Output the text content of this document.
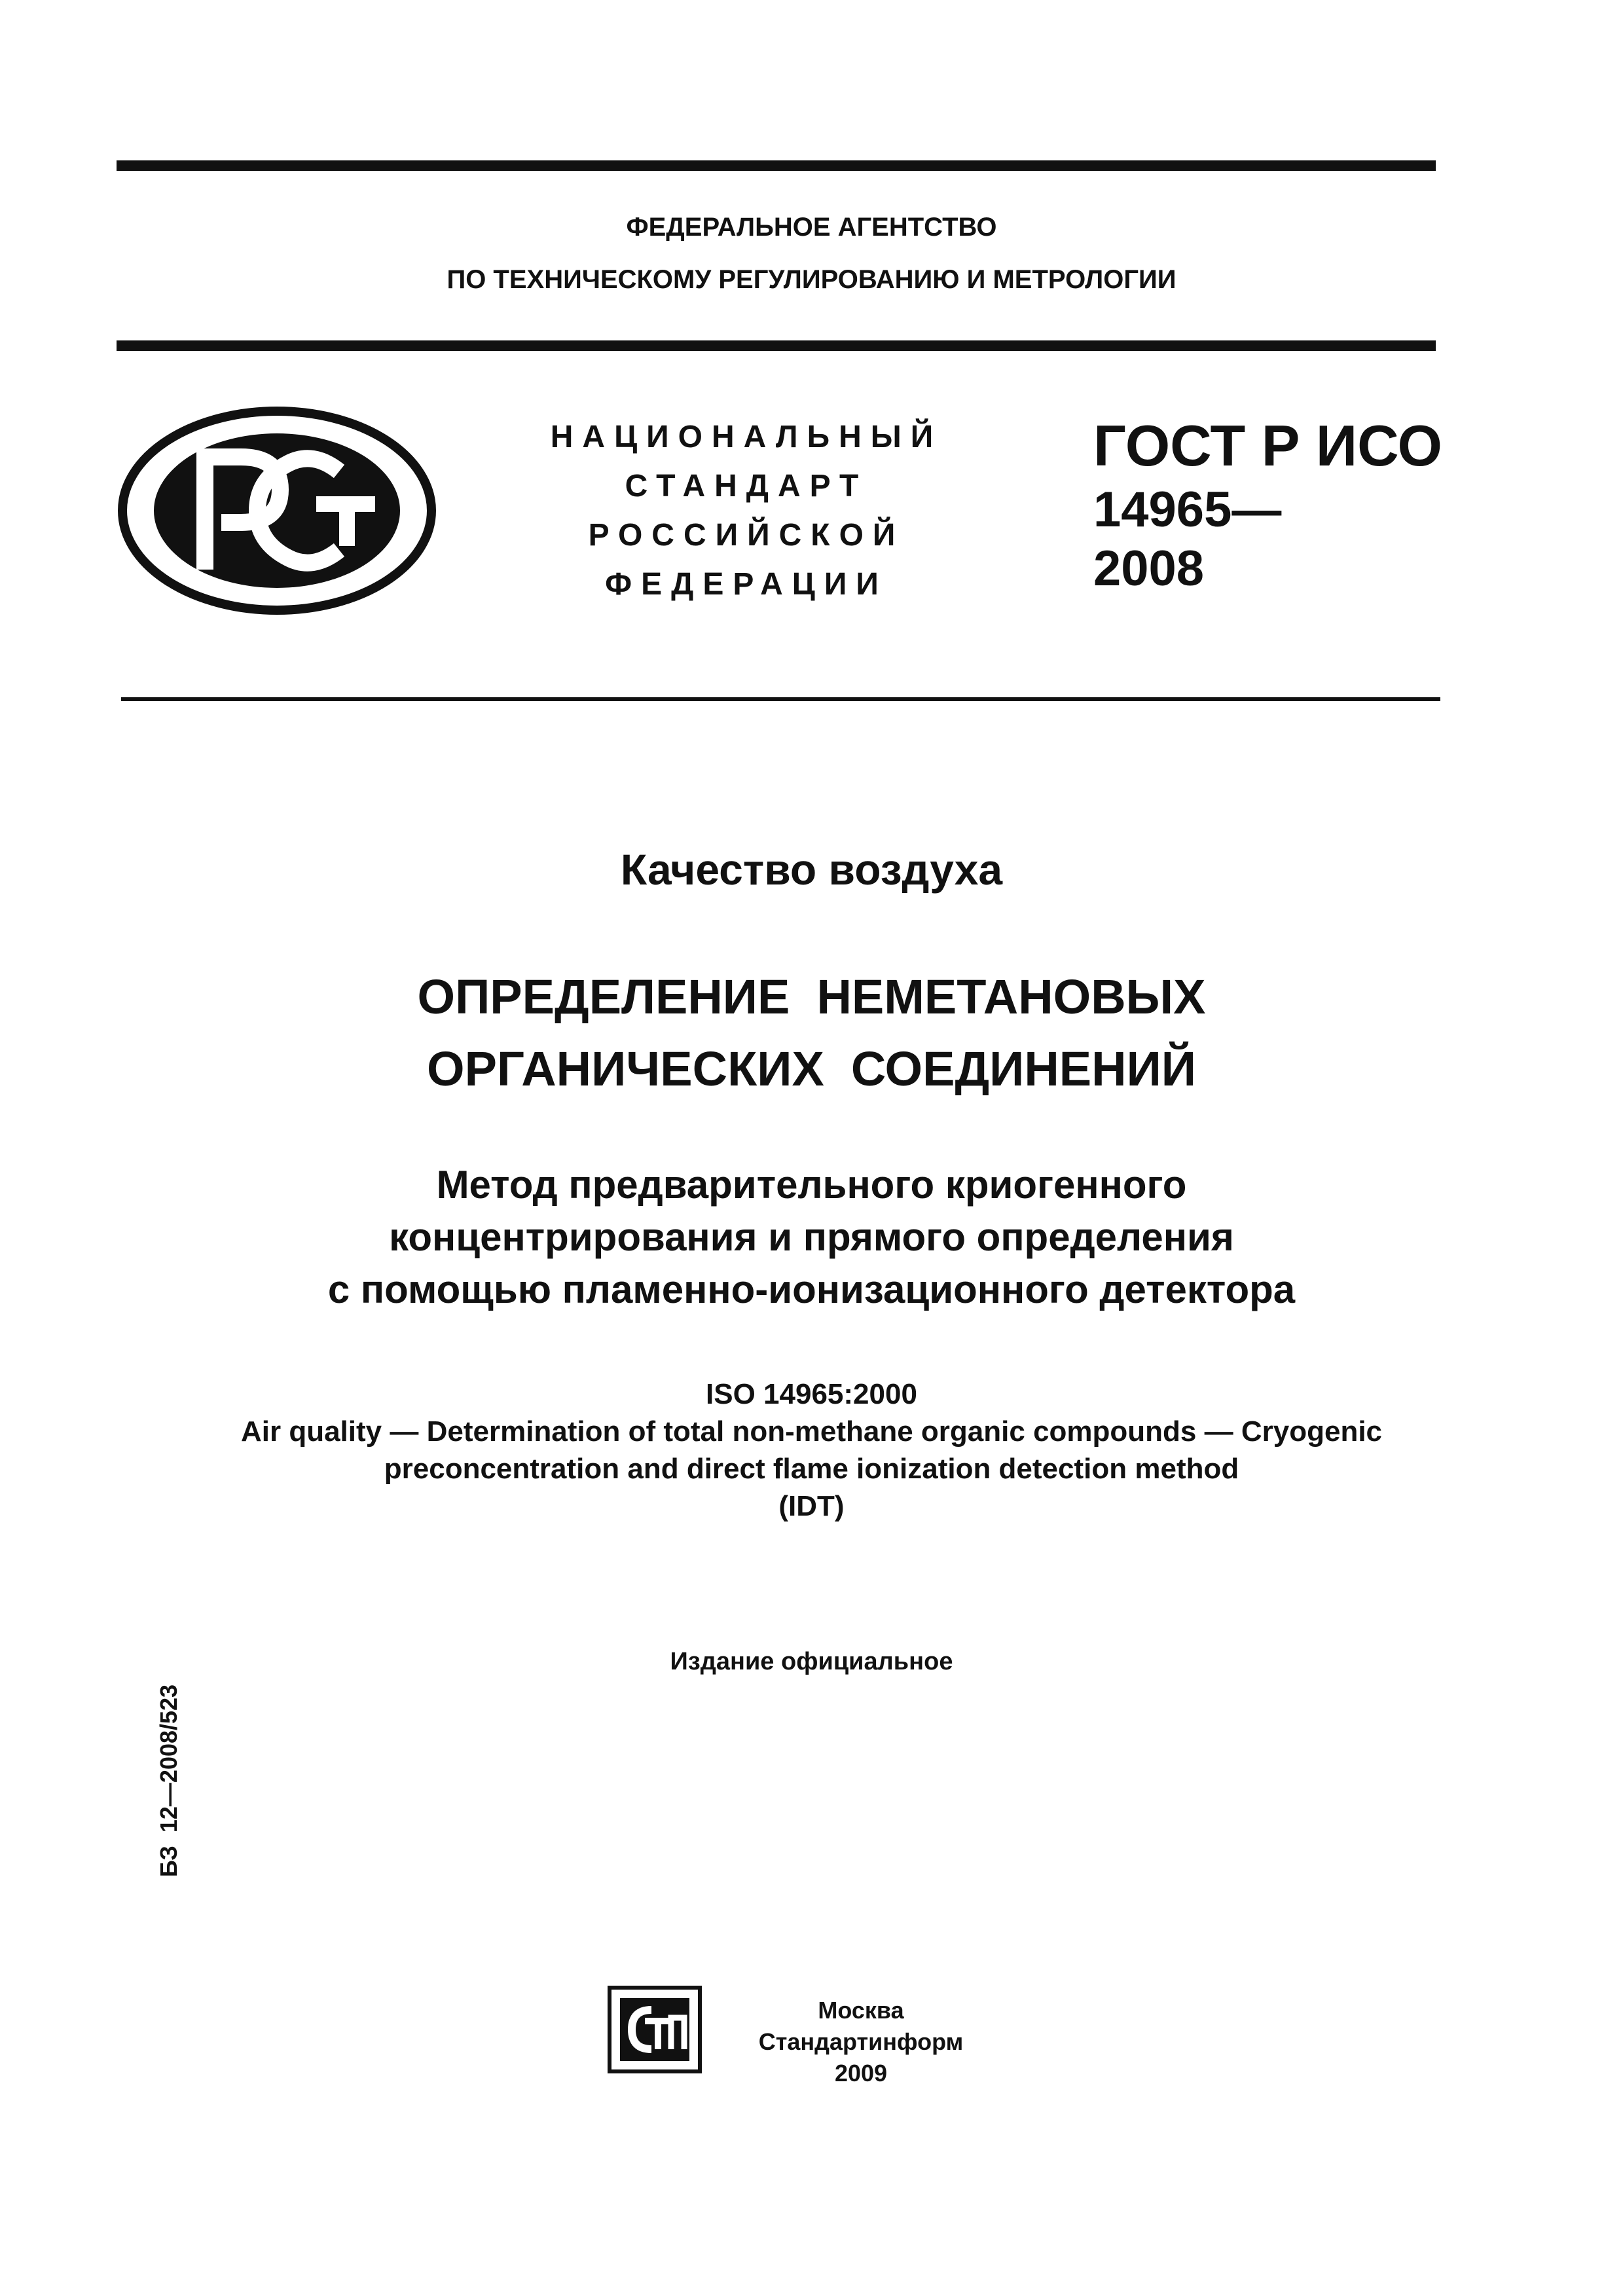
ФЕДЕРАЛЬНОЕ АГЕНТСТВО
ПО ТЕХНИЧЕСКОМУ РЕГУЛИРОВАНИЮ И МЕТРОЛОГИИ
НАЦИОНАЛЬНЫЙ
СТАНДАРТ
РОССИЙСКОЙ
ФЕДЕРАЦИИ
ГОСТ Р ИСО
14965—
2008
Качество воздуха
ОПРЕДЕЛЕНИЕ  НЕМЕТАНОВЫХ
ОРГАНИЧЕСКИХ  СОЕДИНЕНИЙ
Метод предварительного криогенного
концентрирования и прямого определения
с помощью пламенно-ионизационного детектора
ISO 14965:2000
Air quality — Determination of total non-methane organic compounds — Cryogenic
preconcentration and direct flame ionization detection method
(IDT)
Издание официальное
БЗ  12—2008/523
Москва
Стандартинформ
2009
